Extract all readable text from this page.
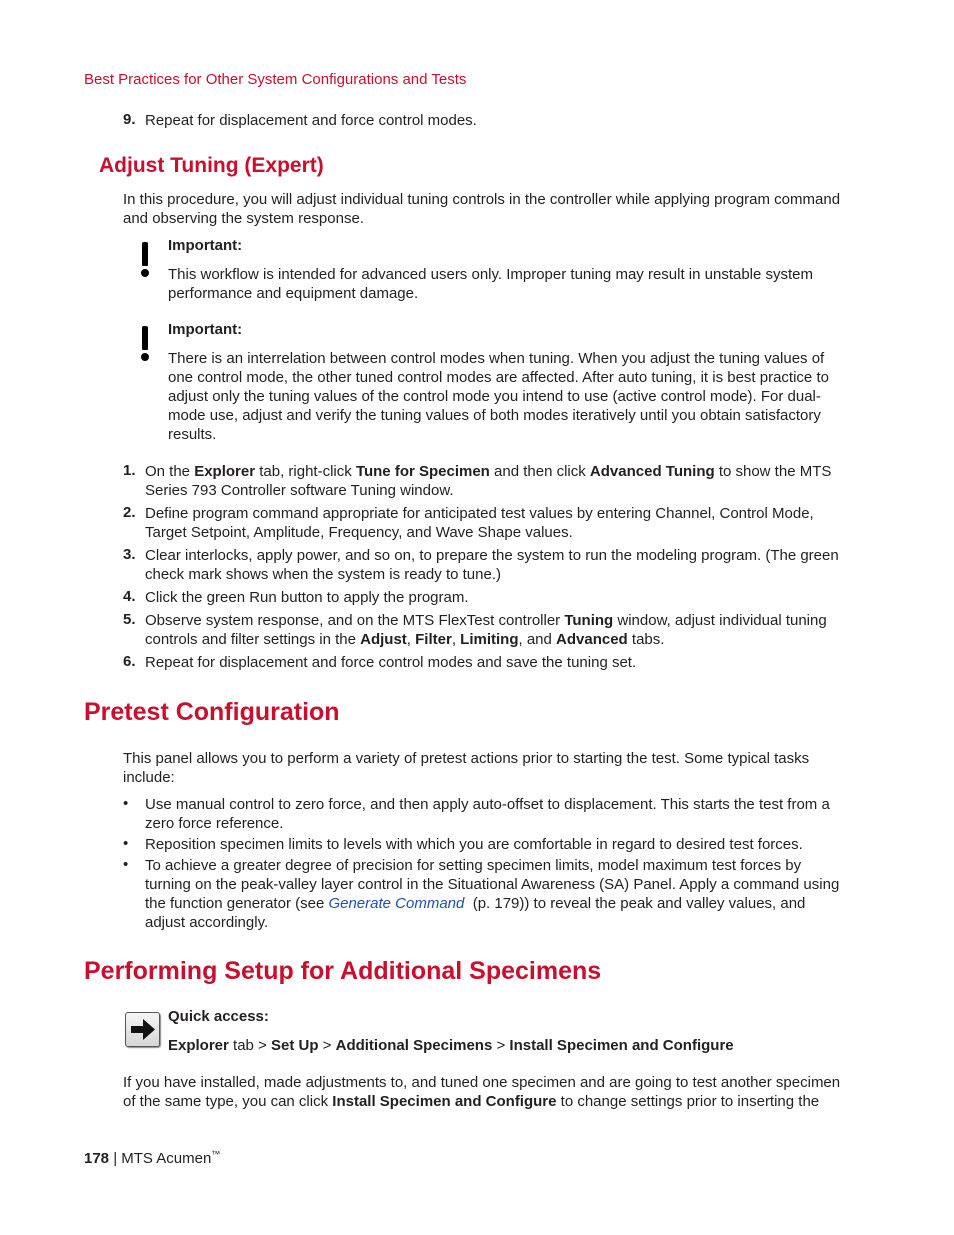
Best Practices for Other System Configurations and Tests
9. Repeat for displacement and force control modes.
Adjust Tuning (Expert)
In this procedure, you will adjust individual tuning controls in the controller while applying program command and observing the system response.
Important:
This workflow is intended for advanced users only. Improper tuning may result in unstable system performance and equipment damage.
Important:
There is an interrelation between control modes when tuning. When you adjust the tuning values of one control mode, the other tuned control modes are affected. After auto tuning, it is best practice to adjust only the tuning values of the control mode you intend to use (active control mode). For dual-mode use, adjust and verify the tuning values of both modes iteratively until you obtain satisfactory results.
1. On the Explorer tab, right-click Tune for Specimen and then click Advanced Tuning to show the MTS Series 793 Controller software Tuning window.
2. Define program command appropriate for anticipated test values by entering Channel, Control Mode, Target Setpoint, Amplitude, Frequency, and Wave Shape values.
3. Clear interlocks, apply power, and so on, to prepare the system to run the modeling program. (The green check mark shows when the system is ready to tune.)
4. Click the green Run button to apply the program.
5. Observe system response, and on the MTS FlexTest controller Tuning window, adjust individual tuning controls and filter settings in the Adjust, Filter, Limiting, and Advanced tabs.
6. Repeat for displacement and force control modes and save the tuning set.
Pretest Configuration
This panel allows you to perform a variety of pretest actions prior to starting the test. Some typical tasks include:
• Use manual control to zero force, and then apply auto-offset to displacement. This starts the test from a zero force reference.
• Reposition specimen limits to levels with which you are comfortable in regard to desired test forces.
• To achieve a greater degree of precision for setting specimen limits, model maximum test forces by turning on the peak-valley layer control in the Situational Awareness (SA) Panel. Apply a command using the function generator (see Generate Command  (p. 179)) to reveal the peak and valley values, and adjust accordingly.
Performing Setup for Additional Specimens
Quick access:
Explorer tab > Set Up > Additional Specimens > Install Specimen and Configure
If you have installed, made adjustments to, and tuned one specimen and are going to test another specimen of the same type, you can click Install Specimen and Configure to change settings prior to inserting the
178 | MTS Acumen™
